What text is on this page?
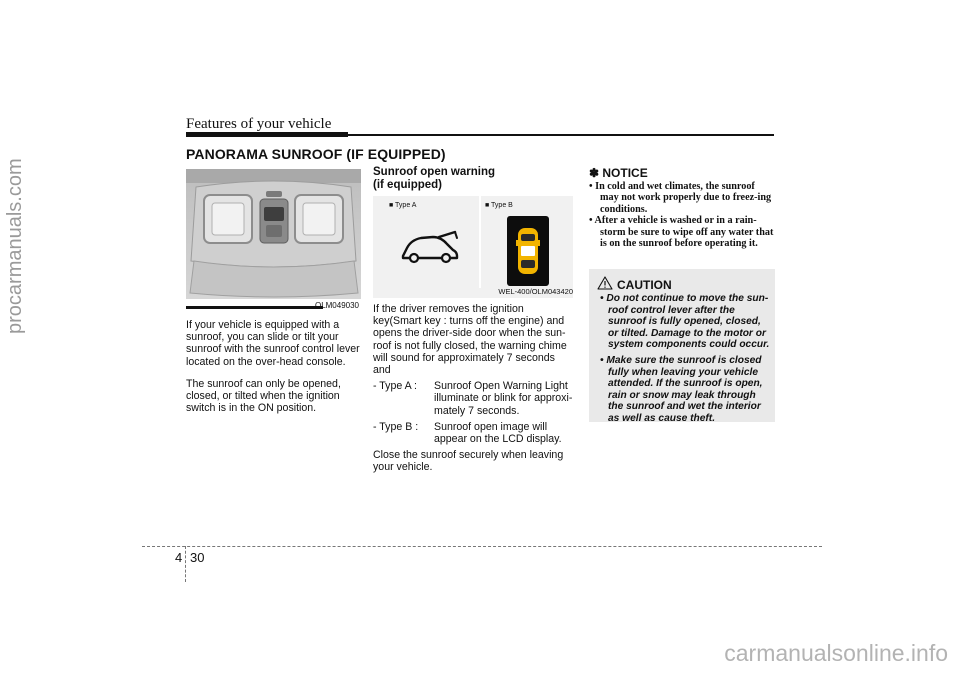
Features of your vehicle
PANORAMA SUNROOF (IF EQUIPPED)
procarmanuals.com
carmanualsonline.info
OLM049030

If your vehicle is equipped with a sunroof, you can slide or tilt your sunroof with the sunroof control lever located on the over-head console.

The sunroof can only be opened, closed, or tilted when the ignition switch is in the ON position.

Sunroof open warning
(if equipped)
■ Type A	■ Type B
WEL-400/OLM043420

If the driver removes the ignition key(Smart key : turns off the engine) and opens the driver-side door when the sun-roof is not fully closed, the warning chime will sound for approximately 7 seconds and

- Type A :	Sunroof Open Warning Light illuminate or blink for approxi-mately 7 seconds.
- Type B :	Sunroof open image will appear on the LCD display.

Close the sunroof securely when leaving your vehicle.

✽ NOTICE

• In cold and wet climates, the sunroof may not work properly due to freez-ing conditions.

• After a vehicle is washed or in a rain-storm be sure to wipe off any water that is on the sunroof before operating it.

CAUTION

• Do not continue to move the sun-roof control lever after the sunroof is fully opened, closed, or tilted. Damage to the motor or system components could occur.

• Make sure the sunroof is closed fully when leaving your vehicle attended. If the sunroof is open, rain or snow may leak through the sunroof and wet the interior as well as cause theft.

4 30
